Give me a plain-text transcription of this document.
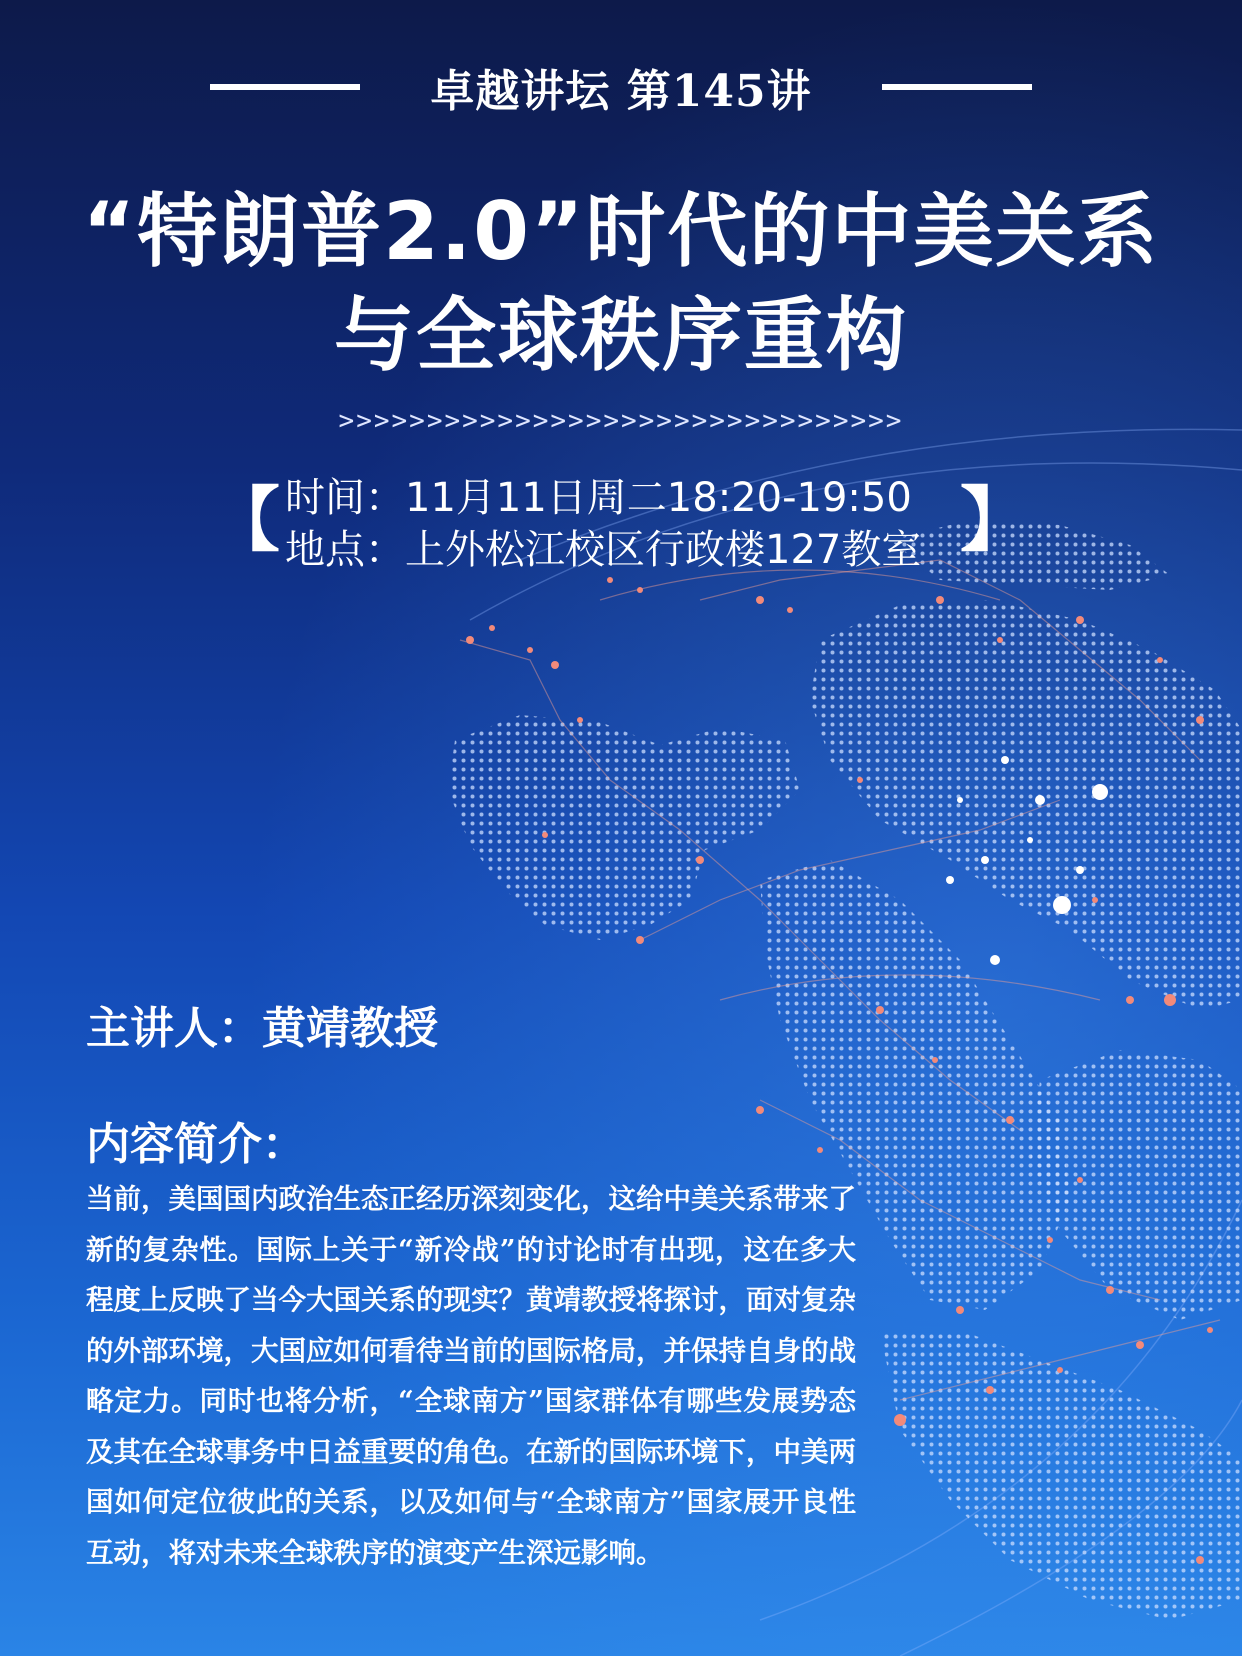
卓越讲坛 第145讲
“特朗普2.0”时代的中美关系
与全球秩序重构
>>>>>>>>>>>>>>>>>>>>>>>>>>>>>>>>
【 时间：11月11日周二18:20-19:50
地点：上外松江校区行政楼127教室 】
主讲人：黄靖教授
内容简介：
当前，美国国内政治生态正经历深刻变化，这给中美关系带来了新的复杂性。国际上关于“新冷战”的讨论时有出现，这在多大程度上反映了当今大国关系的现实？黄靖教授将探讨，面对复杂的外部环境，大国应如何看待当前的国际格局，并保持自身的战略定力。同时也将分析，“全球南方”国家群体有哪些发展势态及其在全球事务中日益重要的角色。在新的国际环境下，中美两国如何定位彼此的关系，以及如何与“全球南方”国家展开良性互动，将对未来全球秩序的演变产生深远影响。
